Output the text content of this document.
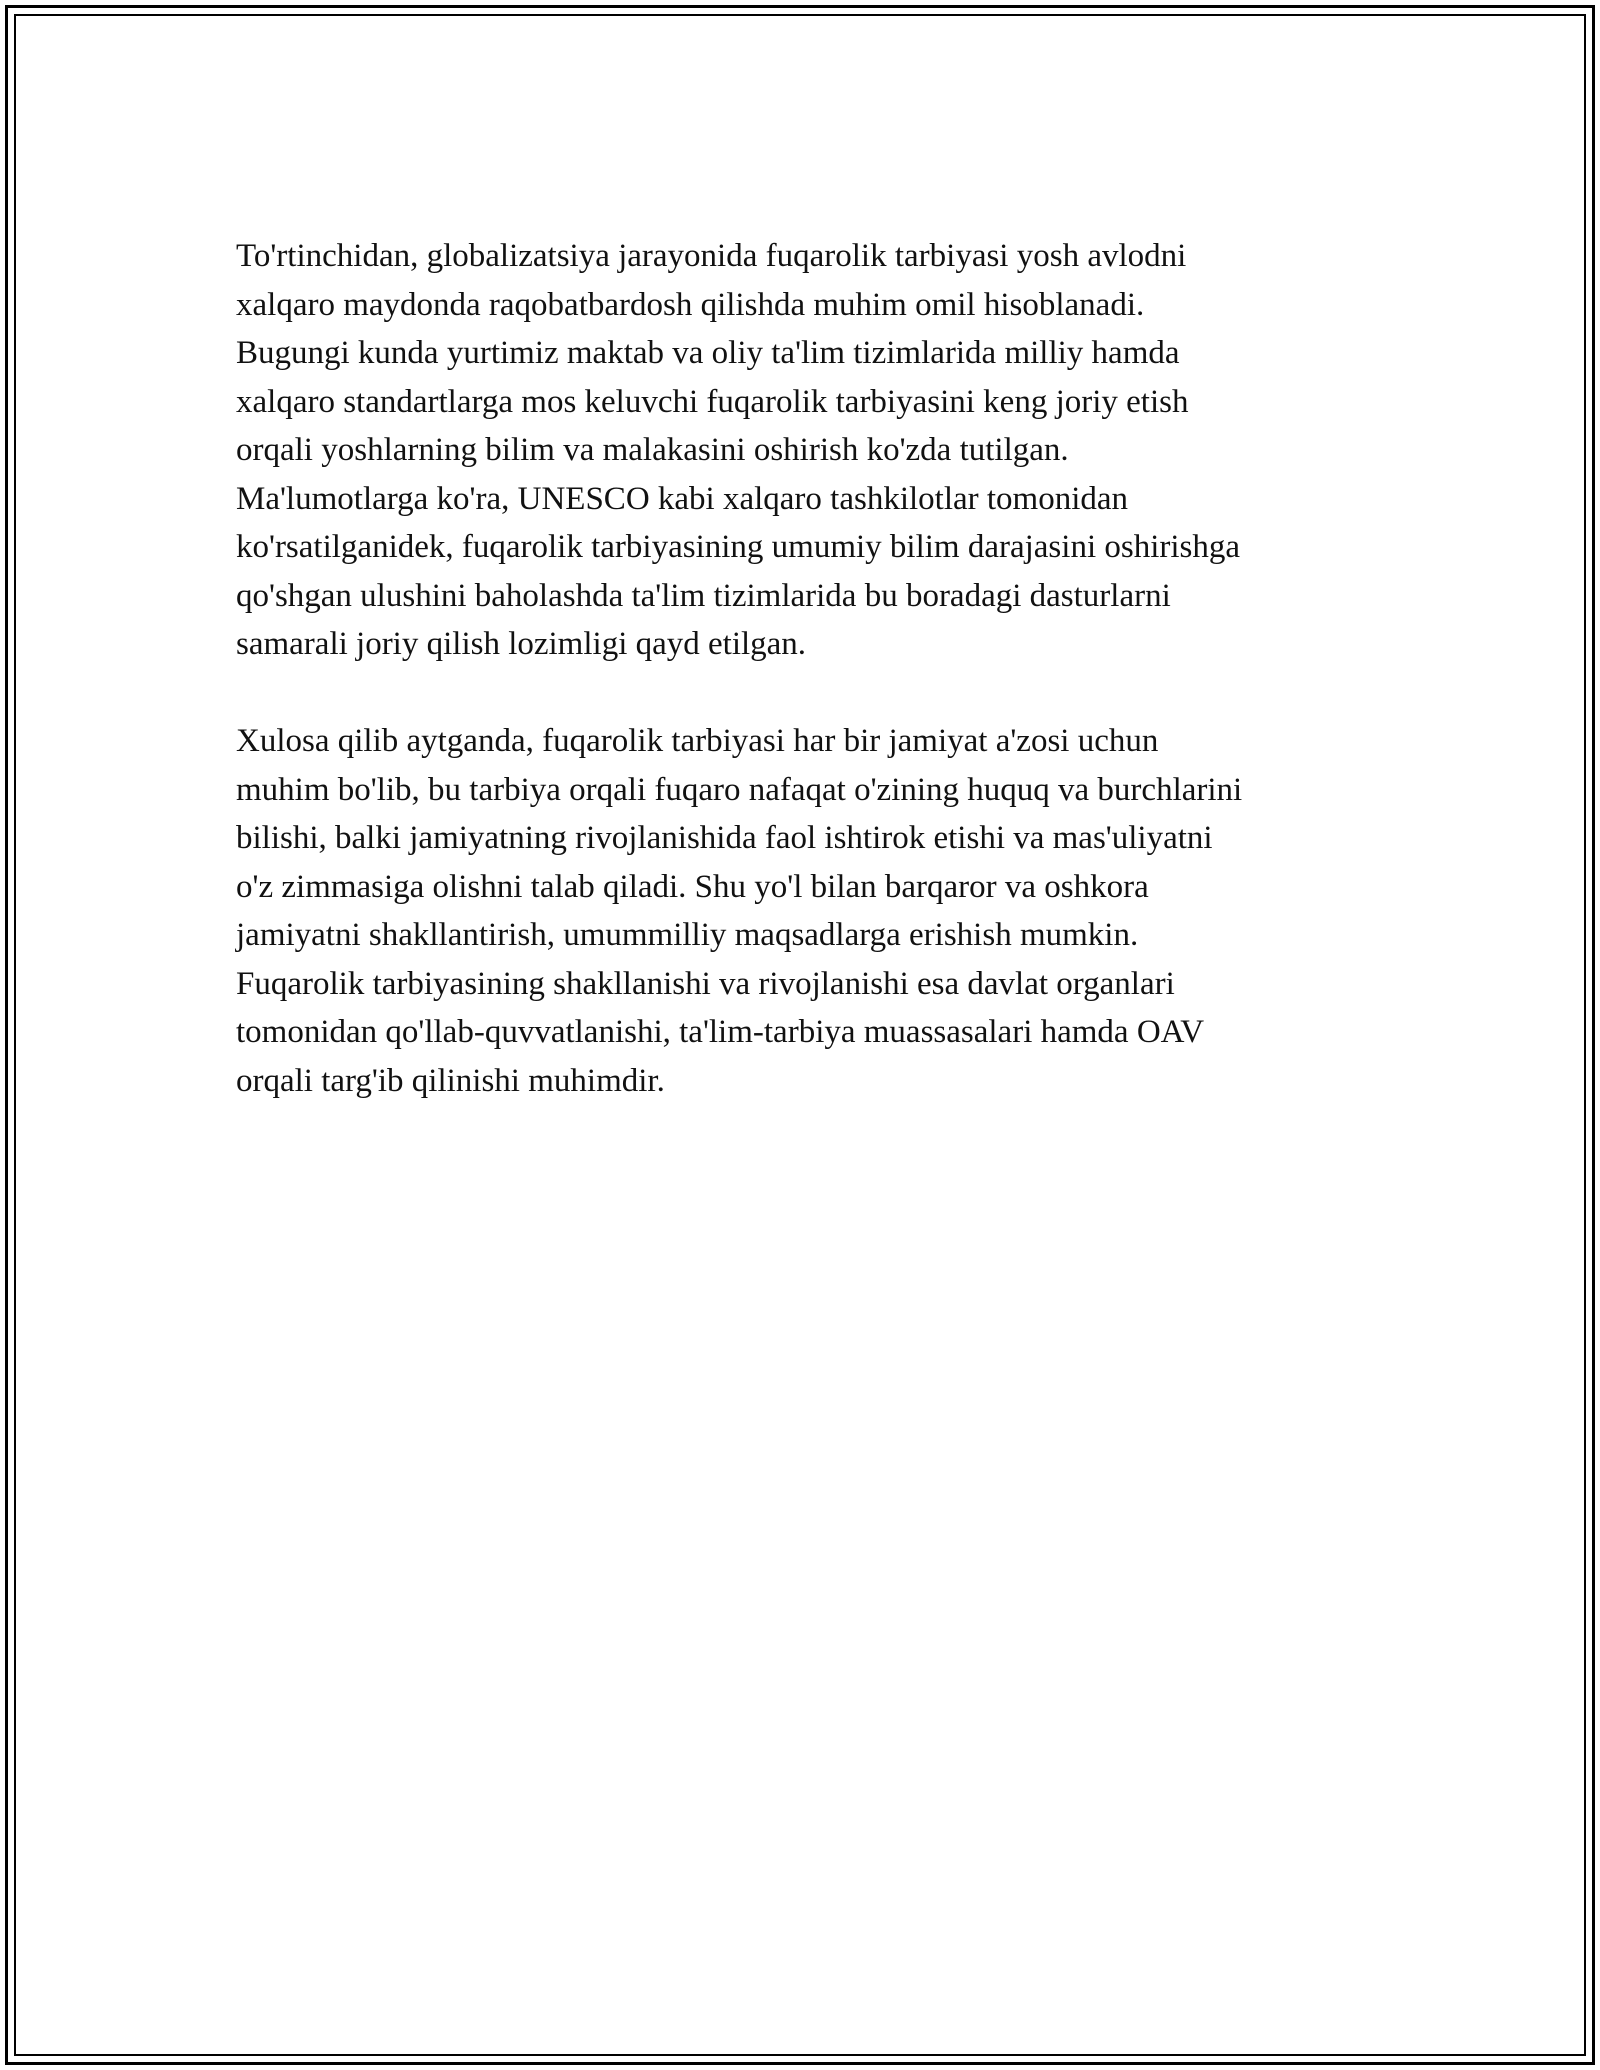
To'rtinchidan, globalizatsiya jarayonida fuqarolik tarbiyasi yosh avlodni
xalqaro maydonda raqobatbardosh qilishda muhim omil hisoblanadi.
Bugungi kunda yurtimiz maktab va oliy ta'lim tizimlarida milliy hamda
xalqaro standartlarga mos keluvchi fuqarolik tarbiyasini keng joriy etish
orqali yoshlarning bilim va malakasini oshirish ko'zda tutilgan.
Ma'lumotlarga ko'ra, UNESCO kabi xalqaro tashkilotlar tomonidan
ko'rsatilganidek, fuqarolik tarbiyasining umumiy bilim darajasini oshirishga
qo'shgan ulushini baholashda ta'lim tizimlarida bu boradagi dasturlarni
samarali joriy qilish lozimligi qayd etilgan.
Xulosa qilib aytganda, fuqarolik tarbiyasi har bir jamiyat a'zosi uchun
muhim bo'lib, bu tarbiya orqali fuqaro nafaqat o'zining huquq va burchlarini
bilishi, balki jamiyatning rivojlanishida faol ishtirok etishi va mas'uliyatni
o'z zimmasiga olishni talab qiladi. Shu yo'l bilan barqaror va oshkora
jamiyatni shakllantirish, umummilliy maqsadlarga erishish mumkin.
Fuqarolik tarbiyasining shakllanishi va rivojlanishi esa davlat organlari
tomonidan qo'llab-quvvatlanishi, ta'lim-tarbiya muassasalari hamda OAV
orqali targ'ib qilinishi muhimdir.
